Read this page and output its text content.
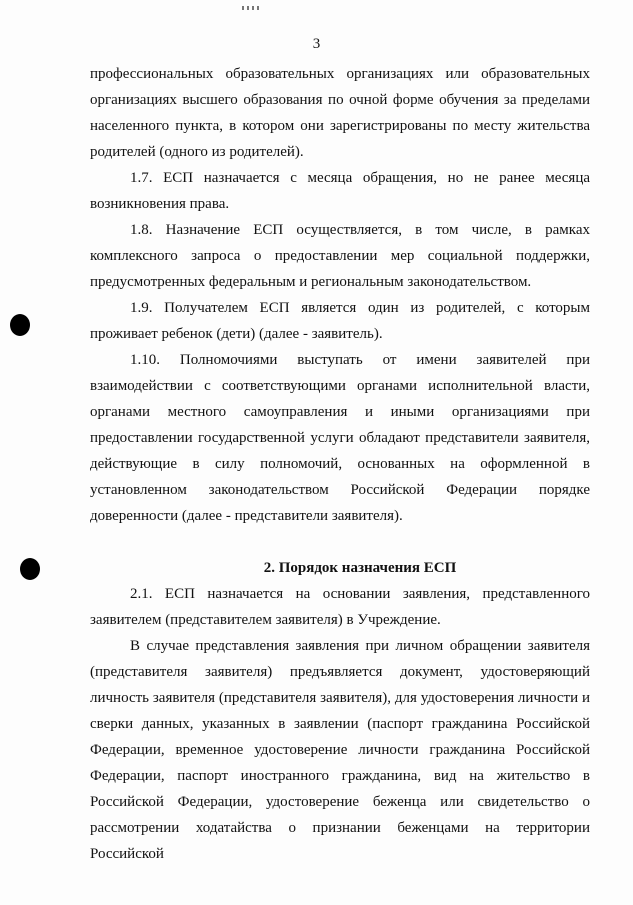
3

профессиональных образовательных организациях или образовательных организациях высшего образования по очной форме обучения за пределами населенного пункта, в котором они зарегистрированы по месту жительства родителей (одного из родителей).

1.7. ЕСП назначается с месяца обращения, но не ранее месяца возникновения права.

1.8. Назначение ЕСП осуществляется, в том числе, в рамках комплексного запроса о предоставлении мер социальной поддержки, предусмотренных федеральным и региональным законодательством.

1.9. Получателем ЕСП является один из родителей, с которым проживает ребенок (дети) (далее - заявитель).

1.10. Полномочиями выступать от имени заявителей при взаимодействии с соответствующими органами исполнительной власти, органами местного самоуправления и иными организациями при предоставлении государственной услуги обладают представители заявителя, действующие в силу полномочий, основанных на оформленной в установленном законодательством Российской Федерации порядке доверенности (далее - представители заявителя).

2. Порядок назначения ЕСП

2.1. ЕСП назначается на основании заявления, представленного заявителем (представителем заявителя) в Учреждение.

В случае представления заявления при личном обращении заявителя (представителя заявителя) предъявляется документ, удостоверяющий личность заявителя (представителя заявителя), для удостоверения личности и сверки данных, указанных в заявлении (паспорт гражданина Российской Федерации, временное удостоверение личности гражданина Российской Федерации, паспорт иностранного гражданина, вид на жительство в Российской Федерации, удостоверение беженца или свидетельство о рассмотрении ходатайства о признании беженцами на территории Российской
